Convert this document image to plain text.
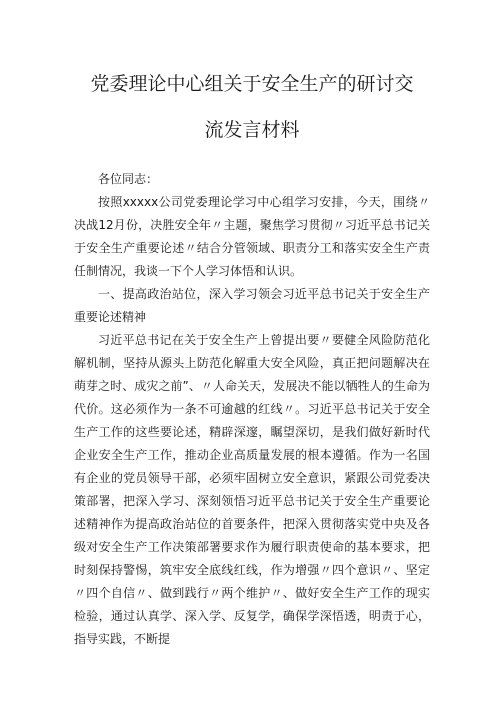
党委理论中心组关于安全生产的研讨交
流发言材料

各位同志：

按照xxxxx公司党委理论学习中心组学习安排，今天，围绕〃决战12月份，决胜安全年〃主题，聚焦学习贯彻〃习近平总书记关于安全生产重要论述〃结合分管领域、职责分工和落实安全生产责任制情况，我谈一下个人学习体悟和认识。

一、提高政治站位，深入学习领会习近平总书记关于安全生产重要论述精神

习近平总书记在关于安全生产上曾提出要〃要健全风险防范化解机制，坚持从源头上防范化解重大安全风险，真正把问题解决在萌芽之时、成灾之前”、〃人命关天，发展决不能以牺牲人的生命为代价。这必须作为一条不可逾越的红线〃。习近平总书记关于安全生产工作的这些要论述，精辟深邃，瞩望深切，是我们做好新时代企业安全生产工作，推动企业高质量发展的根本遵循。作为一名国有企业的党员领导干部，必须牢固树立安全意识，紧跟公司党委决策部署，把深入学习、深刻领悟习近平总书记关于安全生产重要论述精神作为提高政治站位的首要条件，把深入贯彻落实党中央及各级对安全生产工作决策部署要求作为履行职责使命的基本要求，把时刻保持警惕，筑牢安全底线红线，作为增强〃四个意识〃、坚定〃四个自信〃、做到践行〃两个维护〃、做好安全生产工作的现实检验，通过认真学、深入学、反复学，确保学深悟透，明责于心，指导实践，不断提
